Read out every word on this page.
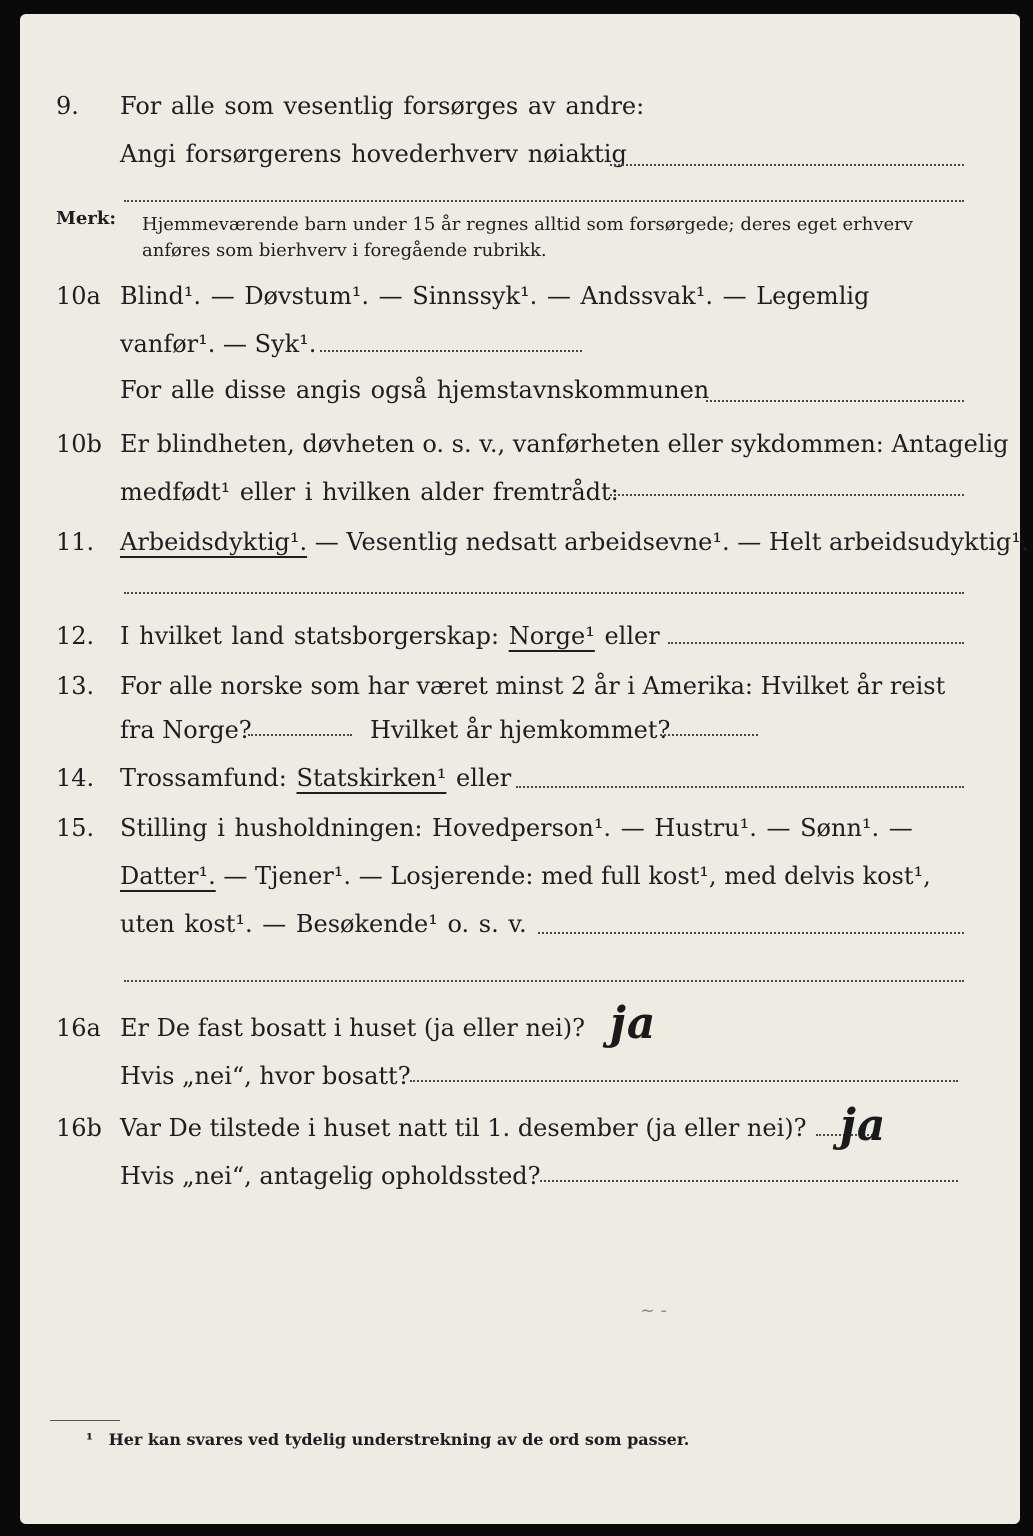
9. For alle som vesentlig forsørges av andre:
Angi forsørgerens hovederhverv nøiaktig
Merk: Hjemmeværende barn under 15 år regnes alltid som forsørgede; deres eget erhverv
anføres som bierhverv i foregående rubrikk.
10a Blind¹. — Døvstum¹. — Sinnssyk¹. — Andssvak¹. — Legemlig
vanfør¹. — Syk¹.
For alle disse angis også hjemstavnskommunen
10b Er blindheten, døvheten o. s. v., vanførheten eller sykdommen: Antagelig
medfødt¹ eller i hvilken alder fremtrådt:
11. Arbeidsdyktig¹. — Vesentlig nedsatt arbeidsevne¹. — Helt arbeidsudyktig¹.
12. I hvilket land statsborgerskap: Norge¹ eller
13. For alle norske som har været minst 2 år i Amerika: Hvilket år reist
fra Norge?	Hvilket år hjemkommet?
14. Trossamfund: Statskirken¹ eller
15. Stilling i husholdningen: Hovedperson¹. — Hustru¹. — Sønn¹. —
Datter¹. — Tjener¹. — Losjerende: med full kost¹, med delvis kost¹,
uten kost¹. — Besøkende¹ o. s. v.
16a Er De fast bosatt i huset (ja eller nei)? ja
Hvis „nei“, hvor bosatt?
16b Var De tilstede i huset natt til 1. desember (ja eller nei)? ja
Hvis „nei“, antagelig opholdssted?
~ -
¹ Her kan svares ved tydelig understrekning av de ord som passer.
